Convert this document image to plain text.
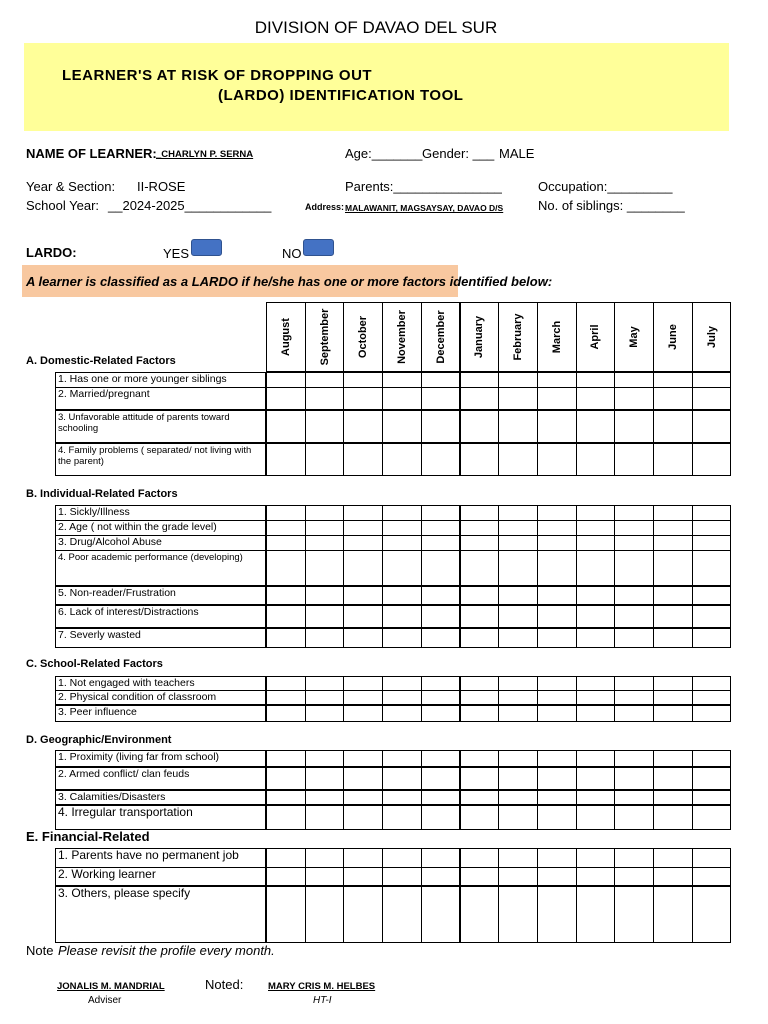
DIVISION OF DAVAO DEL SUR
LEARNER'S AT RISK OF DROPPING OUT
(LARDO) IDENTIFICATION TOOL
NAME OF LEARNER: _CHARLYN P. SERNA	Age:_______ Gender: ___ MALE
Year & Section: II-ROSE	Parents:_______________	Occupation:_________
School Year: __2024-2025____________	Address: MALAWANIT, MAGSAYSAY, DAVAO D/S	No. of siblings: ________
LARDO:	YES	NO
A learner is classified as a LARDO if he/she has one or more factors identified below:
August September October November December January February March April May June July
A. Domestic-Related Factors
1. Has one or more younger siblings
2. Married/pregnant
3. Unfavorable attitude of parents toward schooling
4. Family problems ( separated/ not living with the parent)
B. Individual-Related Factors
1. Sickly/Illness
2. Age ( not within the grade level)
3. Drug/Alcohol Abuse
4. Poor academic performance (developing)
5. Non-reader/Frustration
6. Lack of interest/Distractions
7. Severly wasted
C. School-Related Factors
1. Not engaged with teachers
2. Physical condition of classroom
3. Peer influence
D. Geographic/Environment
1. Proximity (living far from school)
2. Armed conflict/ clan feuds
3. Calamities/Disasters
4. Irregular transportation
E. Financial-Related
1. Parents have no permanent job
2. Working learner
3. Others, please specify
Note Please revisit the profile every month.
JONALIS M. MANDRIAL
Adviser
Noted:	MARY CRIS M. HELBES
HT-I
